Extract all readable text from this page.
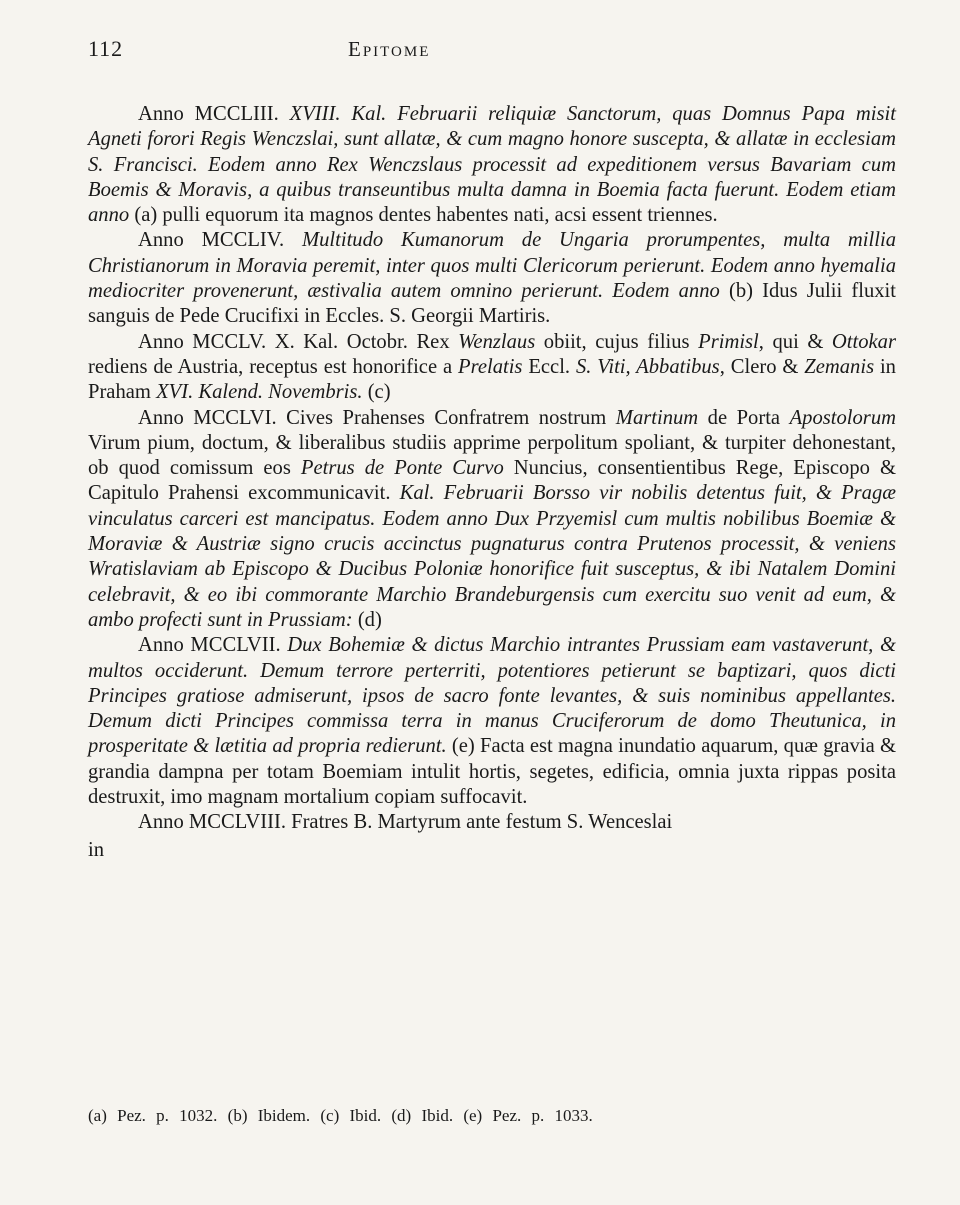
112	Epitome

Anno MCCLIII. XVIII. Kal. Februarii reliquiæ Sanctorum, quas Domnus Papa misit Agneti forori Regis Wenczslai, sunt allatæ, & cum magno honore suscepta, & allatæ in ecclesiam S. Francisci. Eodem anno Rex Wenczslaus processit ad expeditionem versus Bavariam cum Boemis & Moravis, a quibus transeuntibus multa damna in Boemia facta fuerunt. Eodem etiam anno (a) pulli equorum ita magnos dentes habentes nati, acsi essent triennes.

Anno MCCLIV. Multitudo Kumanorum de Ungaria prorumpentes, multa millia Christianorum in Moravia peremit, inter quos multi Clericorum perierunt. Eodem anno hyemalia mediocriter provenerunt, æstivalia autem omnino perierunt. Eodem anno (b) Idus Julii fluxit sanguis de Pede Crucifixi in Eccles. S. Georgii Martiris.

Anno MCCLV. X. Kal. Octobr. Rex Wenzlaus obiit, cujus filius Primisl, qui & Ottokar rediens de Austria, receptus est honorifice a Prelatis Eccl. S. Viti, Abbatibus, Clero & Zemanis in Praham XVI. Kalend. Novembris. (c)

Anno MCCLVI. Cives Prahenses Confratrem nostrum Martinum de Porta Apostolorum Virum pium, doctum, & liberalibus studiis apprime perpolitum spoliant, & turpiter dehonestant, ob quod comissum eos Petrus de Ponte Curvo Nuncius, consentientibus Rege, Episcopo & Capitulo Prahensi excommunicavit. Kal. Februarii Borsso vir nobilis detentus fuit, & Pragæ vinculatus carceri est mancipatus. Eodem anno Dux Przyemisl cum multis nobilibus Boemiæ & Moraviæ & Austriæ signo crucis accinctus pugnaturus contra Prutenos processit, & veniens Wratislaviam ab Episcopo & Ducibus Poloniæ honorifice fuit susceptus, & ibi Natalem Domini celebravit, & eo ibi commorante Marchio Brandeburgensis cum exercitu suo venit ad eum, & ambo profecti sunt in Prussiam: (d)

Anno MCCLVII. Dux Bohemiæ & dictus Marchio intrantes Prussiam eam vastaverunt, & multos occiderunt. Demum terrore perterriti, potentiores petierunt se baptizari, quos dicti Principes gratiose admiserunt, ipsos de sacro fonte levantes, & suis nominibus appellantes. Demum dicti Principes commissa terra in manus Cruciferorum de domo Theutunica, in prosperitate & lætitia ad propria redierunt. (e) Facta est magna inundatio aquarum, quæ gravia & grandia dampna per totam Boemiam intulit hortis, segetes, edificia, omnia juxta rippas posita destruxit, imo magnam mortalium copiam suffocavit.

Anno MCCLVIII. Fratres B. Martyrum ante festum S. Wenceslai

in
(a) Pez. p. 1032. (b) Ibidem. (c) Ibid. (d) Ibid. (e) Pez. p. 1033.
